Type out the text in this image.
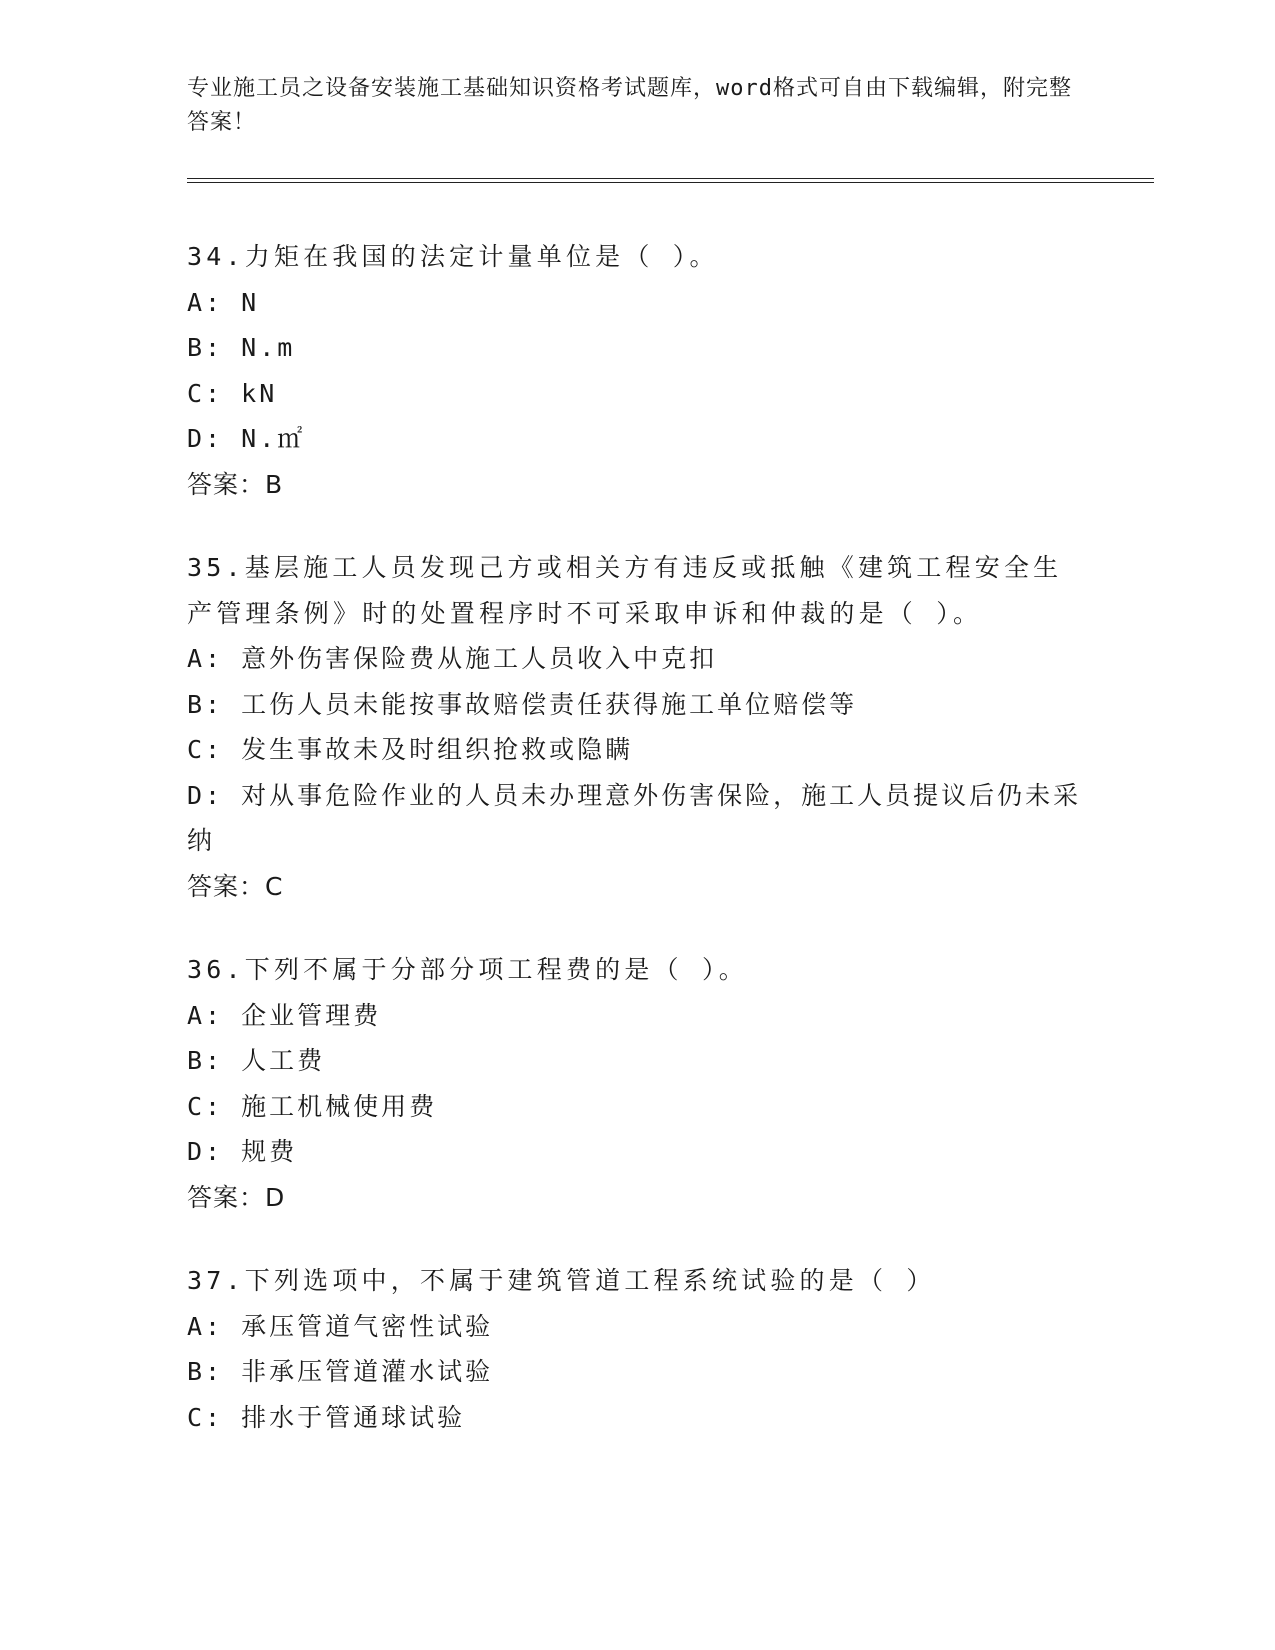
专业施工员之设备安装施工基础知识资格考试题库，word格式可自由下载编辑，附完整答案！
34.力矩在我国的法定计量单位是（ ）。
A: N
B: N.m
C: kN
D: N.㎡
答案：B
35.基层施工人员发现己方或相关方有违反或抵触《建筑工程安全生产管理条例》时的处置程序时不可采取申诉和仲裁的是（ ）。
A: 意外伤害保险费从施工人员收入中克扣
B: 工伤人员未能按事故赔偿责任获得施工单位赔偿等
C: 发生事故未及时组织抢救或隐瞒
D: 对从事危险作业的人员未办理意外伤害保险，施工人员提议后仍未采纳
答案：C
36.下列不属于分部分项工程费的是（ ）。
A: 企业管理费
B: 人工费
C: 施工机械使用费
D: 规费
答案：D
37.下列选项中，不属于建筑管道工程系统试验的是（ ）
A: 承压管道气密性试验
B: 非承压管道灌水试验
C: 排水于管通球试验
